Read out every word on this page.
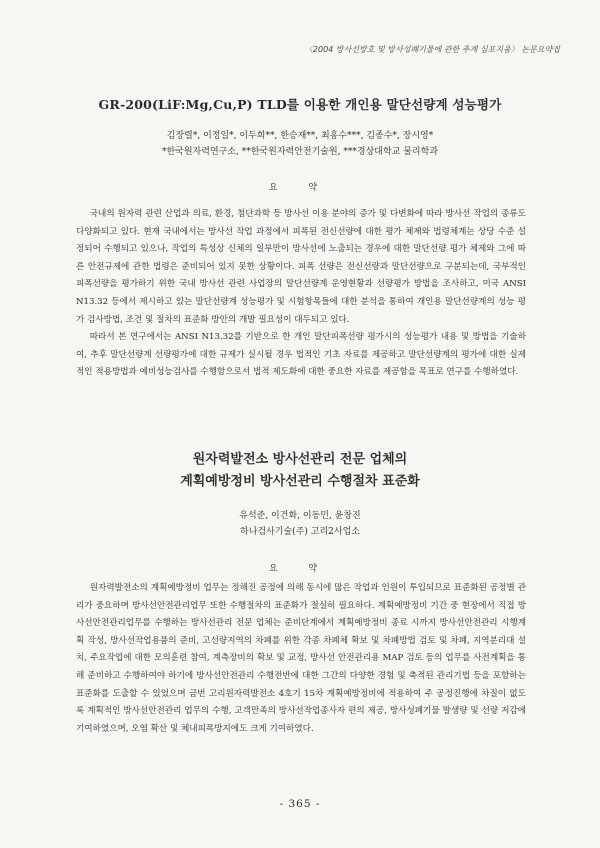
〈2004 방사선방호 및 방사성폐기물에 관한 추계 심포지움〉 논문요약집
GR-200(LiF:Mg,Cu,P) TLD를 이용한 개인용 말단선량계 성능평가
김장렬*, 이정일*, 이두희**, 한승재**, 최홍수***, 김종수*, 장시영*
*한국원자력연구소, **한국원자력안전기술원, ***경상대학교 물리학과
요 약

국내의 원자력 관련 산업과 의료, 환경, 첨단과학 등 방사선 이용 분야의 증가 및 다변화에 따라 방사선 작업의 종류도 다양화되고 있다. 현재 국내에서는 방사선 작업 과정에서 피폭된 전신선량에 대한 평가 체제와 법령체계는 상당 수준 설정되어 수행되고 있으나, 작업의 특성상 신체의 일부만이 방사선에 노출되는 경우에 대한 말단선량 평가 체제와 그에 따른 안전규제에 관한 법령은 준비되어 있지 못한 상황이다. 피폭 선량은 전신선량과 말단선량으로 구분되는데, 국부적인 피폭선량을 평가하기 위한 국내 방사선 관련 사업장의 말단선량계 운영현황과 선량평가 방법을 조사하고, 미국 ANSI N13.32 등에서 제시하고 있는 말단선량계 성능평가 및 시험항목들에 대한 분석을 통하여 개인용 말단선량계의 성능 평가 검사방법, 조건 및 절차의 표준화 방안의 개발 필요성이 대두되고 있다.

따라서 본 연구에서는 ANSI N13.32를 기반으로 한 개인 말단피폭선량 평가시의 성능평가 내용 및 방법을 기술하여, 추후 말단선량계 선량평가에 대한 규제가 실시될 경우 법적인 기초 자료를 제공하고 말단선량계의 평가에 대한 실제적인 적용방법과 예비성능검사를 수행함으로서 법적 제도화에 대한 중요한 자료를 제공함을 목표로 연구를 수행하였다.

원자력발전소 방사선관리 전문 업체의
계획예방정비 방사선관리 수행절차 표준화
유석준, 이건화, 이동민, 윤창진
하나검사기술(주) 고리2사업소
요 약

원자력발전소의 계획예방정비 업무는 정해진 공정에 의해 동시에 많은 작업과 인원이 투입되므로 표준화된 공정별 관리가 중요하며 방사선안전관리업무 또한 수행절차의 표준화가 절실히 필요하다. 계획예방정비 기간 중 현장에서 직접 방사선안전관리업무를 수행하는 방사선관리 전문 업체는 준비단계에서 계획예방정비 종료 시까지 방사선안전관리 시행계획 작성, 방사선작업용품의 준비, 고선량지역의 차폐를 위한 각종 차폐체 확보 및 차폐방법 검토 및 차폐, 지역분리대 설치, 주요작업에 대한 모의훈련 참여, 계측장비의 확보 및 교정, 방사선 안전관리용 MAP 검토 등의 업무를 사전계획을 통해 준비하고 수행하여야 하기에 방사선안전관리 수행전반에 대한 그간의 다양한 경험 및 축적된 관리기법 등을 포함하는 표준화를 도출할 수 있었으며 금번 고리원자력발전소 4호기 15차 계획예방정비에 적용하여 주 공정진행에 차질이 없도록 계획적인 방사선안전관리 업무의 수행, 고객만족의 방사선작업종사자 편의 제공, 방사성폐기물 발생량 및 선량 저감에 기여하였으며, 오염 확산 및 체내피폭방지에도 크게 기여하였다.

- 365 -
